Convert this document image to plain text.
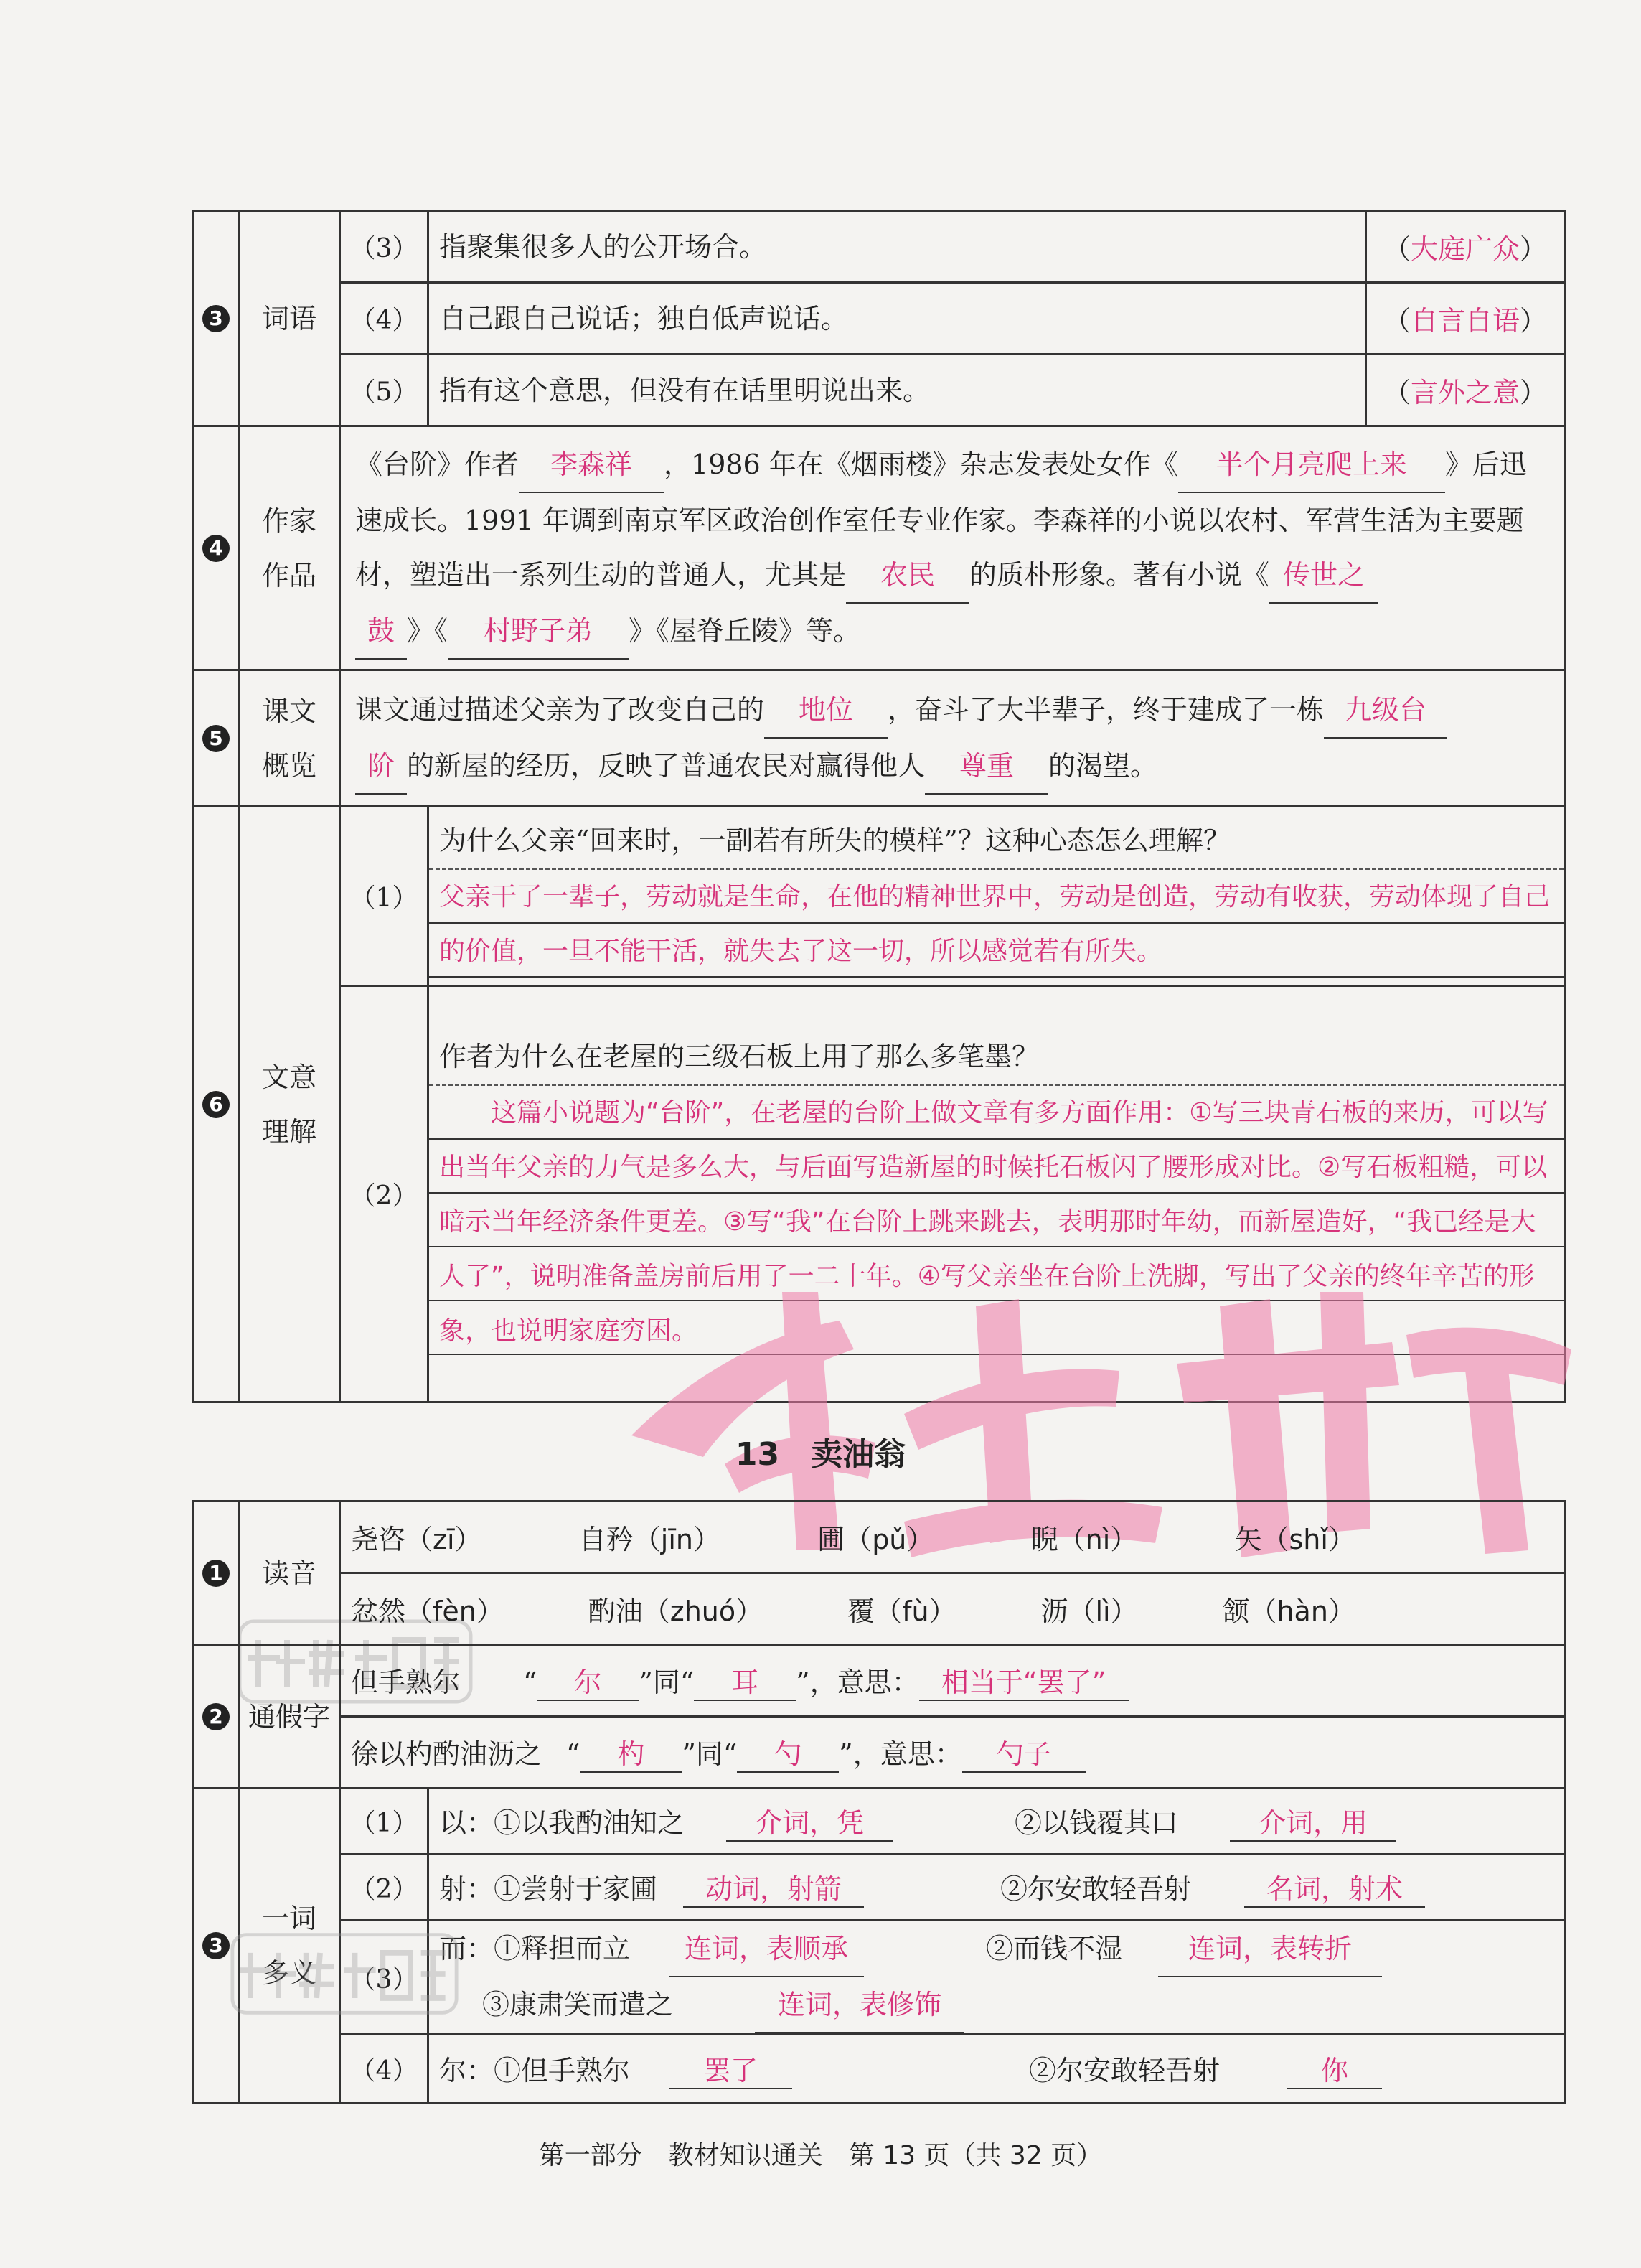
3	词语	（3）	指聚集很多人的公开场合。	（大庭广众）
		（4）	自己跟自己说话；独自低声说话。	（自言自语）
		（5）	指有这个意思，但没有在话里明说出来。	（言外之意）
4	作家作品	《台阶》作者 李森祥 ，1986 年在《烟雨楼》杂志发表处女作《 半个月亮爬上来 》后迅速成长。1991 年调到南京军区政治创作室任专业作家。李森祥的小说以农村、军营生活为主要题材，塑造出一系列生动的普通人，尤其是 农民 的质朴形象。著有小说《 传世之
鼓 》《 村野子弟 》《屋脊丘陵》等。		
5	课文概览	课文通过描述父亲为了改变自己的 地位 ，奋斗了大半辈子，终于建成了一栋 九级台
阶 的新屋的经历，反映了普通农民对赢得他人 尊重 的渴望。		
6	文意理解	（1）	为什么父亲“回来时，一副若有所失的模样”？这种心态怎么理解？
父亲干了一辈子，劳动就是生命，在他的精神世界中，劳动是创造，劳动有收获，劳动体现了自己的价值，一旦不能干活，就失去了这一切，所以感觉若有所失。	

		（2）	作者为什么在老屋的三级石板上用了那么多笔墨？
这篇小说题为“台阶”，在老屋的台阶上做文章有多方面作用：①写三块青石板的来历，可以写出当年父亲的力气是多么大，与后面写造新屋的时候托石板闪了腰形成对比。②写石板粗糙，可以暗示当年经济条件更差。③写“我”在台阶上跳来跳去，表明那时年幼，而新屋造好，“我已经是大人了”，说明准备盖房前后用了一二十年。④写父亲坐在台阶上洗脚，写出了父亲的终年辛苦的形象，也说明家庭穷困。	
13　卖油翁
1	读音	尧咨（zī） 自矜（jīn） 圃（pǔ） 睨（nì） 矢（shǐ）	

		忿然（fèn） 酌油（zhuó） 覆（fù） 沥（lì） 颔（hàn）	

2	通假字	但手熟尔 “ 尔 ”同“ 耳 ”，意思： 相当于“罢了”	
		徐以杓酌油沥之 “ 杓 ”同“ 勺 ”，意思： 勺子	
3	一词多义	（1）	以：①以我酌油知之 介词，凭 ②以钱覆其口 介词，用
		（2）	射：①尝射于家圃 动词，射箭 ②尔安敢轻吾射 名词，射术
		（3）	而：①释担而立 连词，表顺承 ②而钱不湿 连词，表转折
③康肃笑而遣之 连词，表修饰
		（4）	尔：①但手熟尔 罢了 ②尔安敢轻吾射 你
第一部分　教材知识通关　第 13 页（共 32 页）
